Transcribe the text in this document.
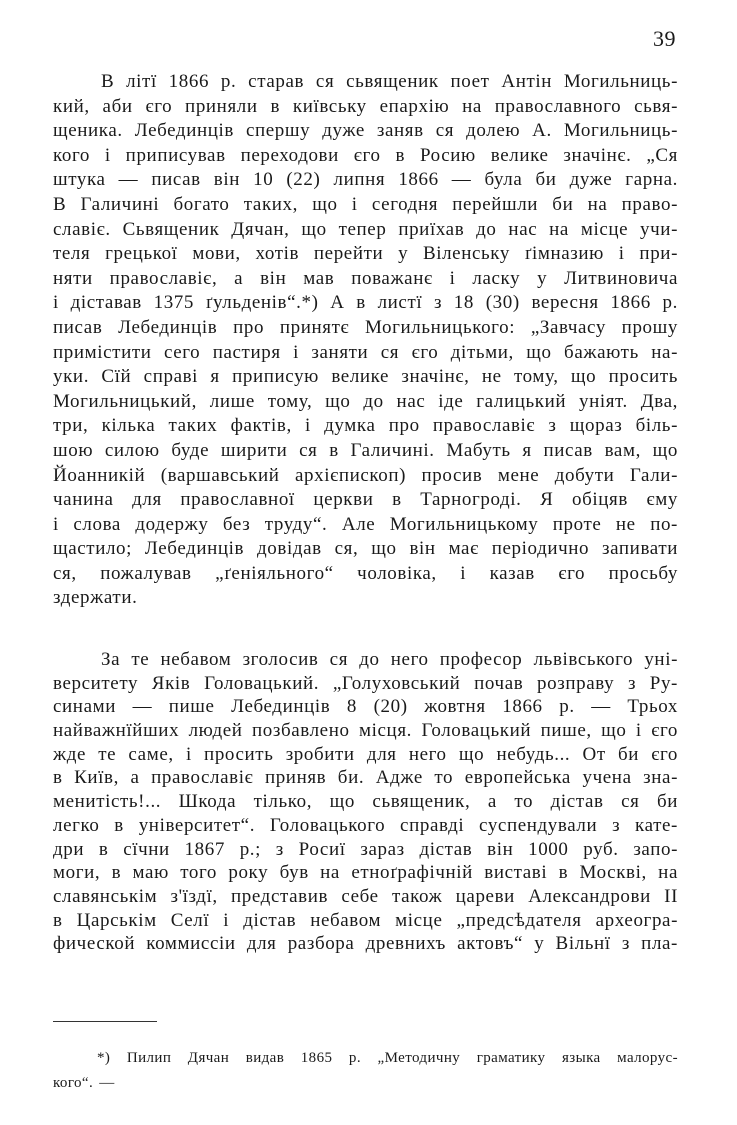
39
В літї 1866 р. старав ся сьвященик поет Антін Могильниць-
кий, аби єго приняли в київську епархію на православного сьвя-
щеника. Лебединців спершу дуже заняв ся долею А. Могильниць-
кого і приписував переходови єго в Росию велике значінє. „Ся
штука — писав він 10 (22) липня 1866 — була би дуже гарна.
В Галичині богато таких, що і сегодня перейшли би на право-
славіє. Сьвященик Дячан, що тепер приїхав до нас на місце учи-
теля грецької мови, хотів перейти у Віленську ґімназию і при-
няти православіє, а він мав поважанє і ласку у Литвиновича
і діставав 1375 ґульденів“.*) А в листї з 18 (30) вересня 1866 р.
писав Лебединців про принятє Могильницького: „Завчасу прошу
примістити сего пастиря і заняти ся єго дітьми, що бажають на-
уки. Сїй справі я приписую велике значінє, не тому, що просить
Могильницький, лише тому, що до нас іде галицький уніят. Два,
три, кілька таких фактів, і думка про православіє з щораз біль-
шою силою буде ширити ся в Галичині. Мабуть я писав вам, що
Йоанникій (варшавський архієпископ) просив мене добути Гали-
чанина для православної церкви в Тарногроді. Я обіцяв єму
і слова додержу без труду“. Але Могильницькому проте не по-
щастило; Лебединців довідав ся, що він має періодично запивати
ся, пожалував „ґеніяльного“ чоловіка, і казав єго просьбу
здержати.
За те небавом зголосив ся до него професор львівського уні-
верситету Яків Головацький. „Голуховський почав розправу з Ру-
синами — пише Лебединців 8 (20) жовтня 1866 р. — Трьох
найважнїйших людей позбавлено місця. Головацький пише, що і єго
жде те саме, і просить зробити для него що небудь... От би єго
в Київ, а православіє приняв би. Адже то европейська учена зна-
менитість!... Шкода тілько, що сьвященик, а то дістав ся би
легко в університет“. Головацького справді суспендували з кате-
дри в сїчни 1867 р.; з Росиї зараз дістав він 1000 руб. запо-
моги, в маю того року був на етноґрафічній виставі в Москві, на
славянськім з'їздї, представив себе також цареви Александрови II
в Царськім Селї і дістав небавом місце „предсѣдателя археогра-
фической коммиссіи для разбора древнихъ актовъ“ у Вільнї з пла-
*) Пилип Дячан видав 1865 р. „Методичну граматику языка малорус-
кого“. —
